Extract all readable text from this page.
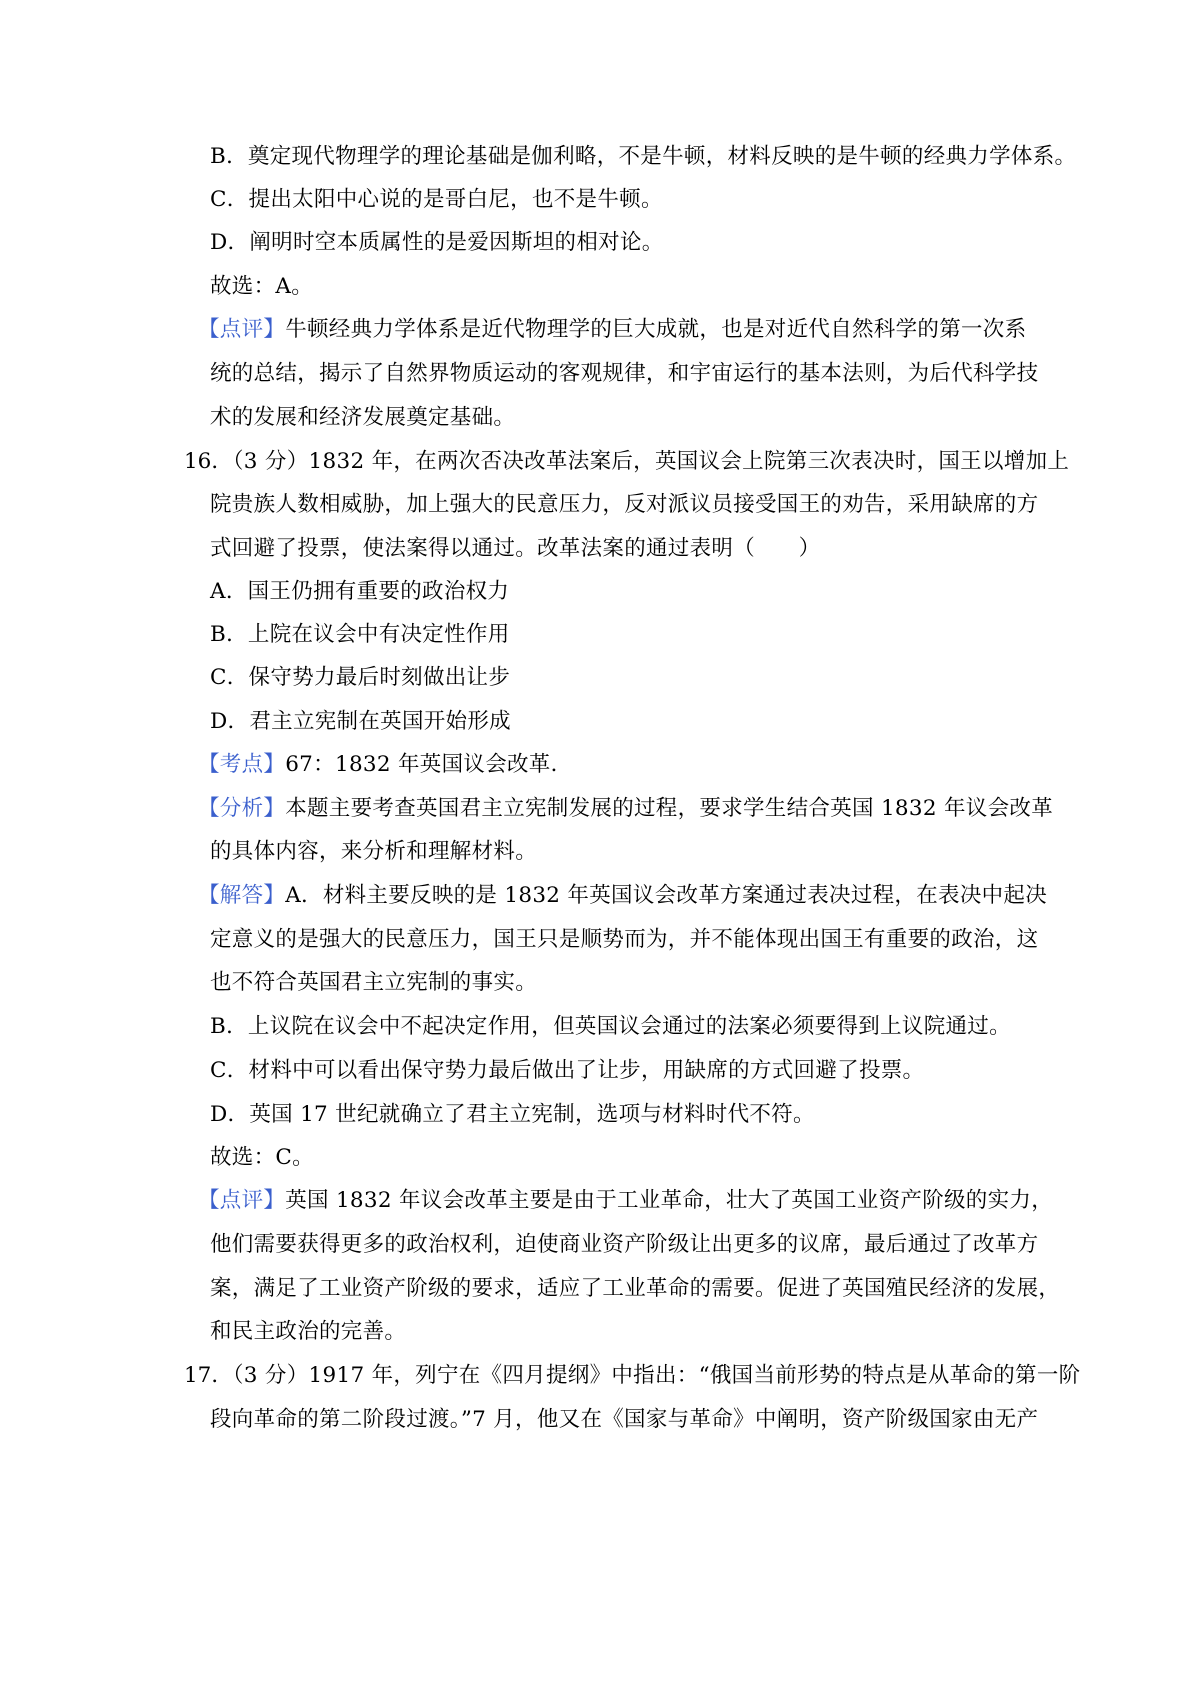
B．奠定现代物理学的理论基础是伽利略，不是牛顿，材料反映的是牛顿的经典力学体系。
C．提出太阳中心说的是哥白尼，也不是牛顿。
D．阐明时空本质属性的是爱因斯坦的相对论。
故选：A。
【点评】牛顿经典力学体系是近代物理学的巨大成就，也是对近代自然科学的第一次系
统的总结，揭示了自然界物质运动的客观规律，和宇宙运行的基本法则，为后代科学技
术的发展和经济发展奠定基础。
16．
（3 分）1832 年，在两次否决改革法案后，英国议会上院第三次表决时，国王以增加上
院贵族人数相威胁，加上强大的民意压力，反对派议员接受国王的劝告，采用缺席的方
式回避了投票，使法案得以通过。改革法案的通过表明（　　）
A．国王仍拥有重要的政治权力
B．上院在议会中有决定性作用
C．保守势力最后时刻做出让步
D．君主立宪制在英国开始形成
【考点】67：1832 年英国议会改革．
【分析】本题主要考查英国君主立宪制发展的过程，要求学生结合英国 1832 年议会改革
的具体内容，来分析和理解材料。
【解答】A．材料主要反映的是 1832 年英国议会改革方案通过表决过程，在表决中起决
定意义的是强大的民意压力，国王只是顺势而为，并不能体现出国王有重要的政治，这
也不符合英国君主立宪制的事实。
B．上议院在议会中不起决定作用，但英国议会通过的法案必须要得到上议院通过。
C．材料中可以看出保守势力最后做出了让步，用缺席的方式回避了投票。
D．英国 17 世纪就确立了君主立宪制，选项与材料时代不符。
故选：C。
【点评】英国 1832 年议会改革主要是由于工业革命，壮大了英国工业资产阶级的实力，
他们需要获得更多的政治权利，迫使商业资产阶级让出更多的议席，最后通过了改革方
案，满足了工业资产阶级的要求，适应了工业革命的需要。促进了英国殖民经济的发展，
和民主政治的完善。
17．
（3 分）1917 年，列宁在《四月提纲》中指出：“俄国当前形势的特点是从革命的第一阶
段向革命的第二阶段过渡。”7 月，他又在《国家与革命》中阐明，资产阶级国家由无产
